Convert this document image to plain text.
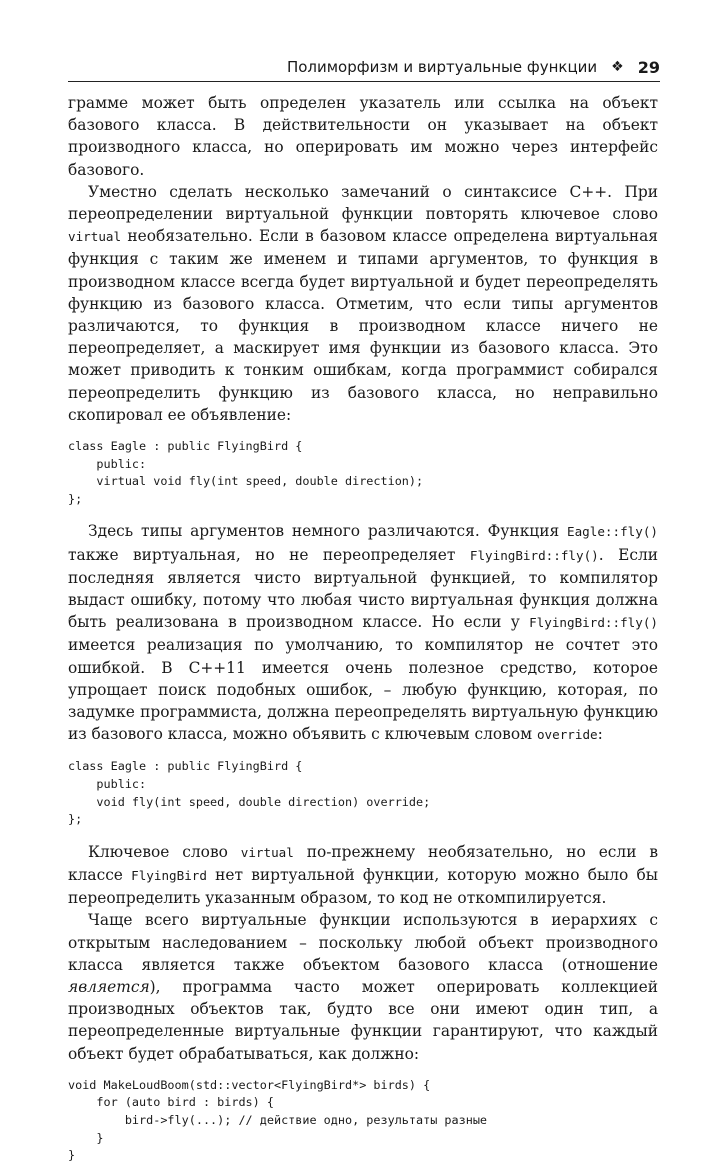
Полиморфизм и виртуальные функции ❖ 29

грамме может быть определен указатель или ссылка на объект базового класса. В действительности он указывает на объект производного класса, но оперировать им можно через интерфейс базового.

Уместно сделать несколько замечаний о синтаксисе C++. При переопределении виртуальной функции повторять ключевое слово virtual необязательно. Если в базовом классе определена виртуальная функция с таким же именем и типами аргументов, то функция в производном классе всегда будет виртуальной и будет переопределять функцию из базового класса. Отметим, что если типы аргументов различаются, то функция в производном классе ничего не переопределяет, а маскирует имя функции из базового класса. Это может приводить к тонким ошибкам, когда программист собирался переопределить функцию из базового класса, но неправильно скопировал ее объявление:

class Eagle : public FlyingBird {
public:
virtual void fly(int speed, double direction);
};

Здесь типы аргументов немного различаются. Функция Eagle::fly() также виртуальная, но не переопределяет FlyingBird::fly(). Если последняя является чисто виртуальной функцией, то компилятор выдаст ошибку, потому что любая чисто виртуальная функция должна быть реализована в производном классе. Но если у FlyingBird::fly() имеется реализация по умолчанию, то компилятор не сочтет это ошибкой. В C++11 имеется очень полезное средство, которое упрощает поиск подобных ошибок, – любую функцию, которая, по задумке программиста, должна переопределять виртуальную функцию из базового класса, можно объявить с ключевым словом override:

class Eagle : public FlyingBird {
public:
void fly(int speed, double direction) override;
};

Ключевое слово virtual по-прежнему необязательно, но если в классе FlyingBird нет виртуальной функции, которую можно было бы переопределить указанным образом, то код не откомпилируется.

Чаще всего виртуальные функции используются в иерархиях с открытым наследованием – поскольку любой объект производного класса является также объектом базового класса (отношение является), программа часто может оперировать коллекцией производных объектов так, будто все они имеют один тип, а переопределенные виртуальные функции гарантируют, что каждый объект будет обрабатываться, как должно:

void MakeLoudBoom(std::vector<FlyingBird*> birds) {
for (auto bird : birds) {
bird->fly(...); // действие одно, результаты разные
}
}
